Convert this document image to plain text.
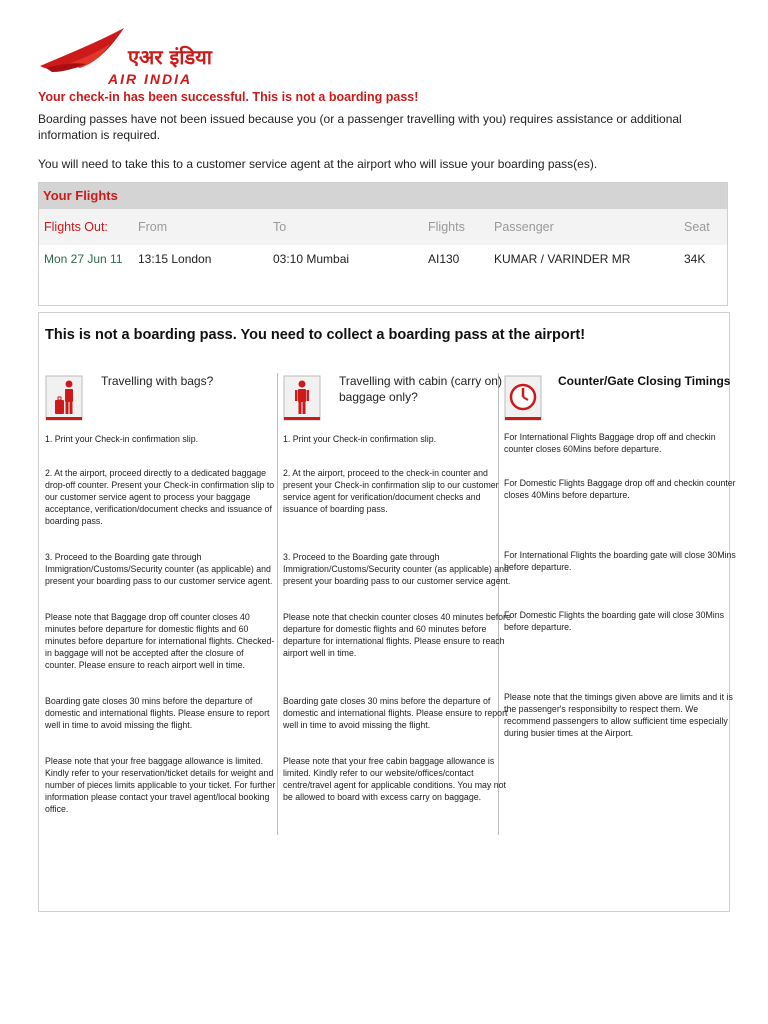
एअर इंडिया
AIR INDIA
Your check-in has been successful. This is not a boarding pass!
Boarding passes have not been issued because you (or a passenger travelling with you) requires assistance or additional information is required.
You will need to take this to a customer service agent at the airport who will issue your boarding pass(es).
Your Flights
Flights Out: From	To	Flights Passenger	Seat
Mon 27 Jun 11 13:15 London	03:10 Mumbai	AI130	KUMAR / VARINDER MR	34K
This is not a boarding pass. You need to collect a boarding pass at the airport!
Travelling with bags?
1. Print your Check-in confirmation slip.
2. At the airport, proceed directly to a dedicated baggage drop-off counter. Present your Check-in confirmation slip to our customer service agent to process your baggage acceptance, verification/document checks and issuance of boarding pass.
3. Proceed to the Boarding gate through Immigration/Customs/Security counter (as applicable) and present your boarding pass to our customer service agent.
Please note that Baggage drop off counter closes 40 minutes before departure for domestic flights and 60 minutes before departure for international flights. Checked-in baggage will not be accepted after the closure of counter. Please ensure to reach airport well in time.
Boarding gate closes 30 mins before the departure of domestic and international flights. Please ensure to report well in time to avoid missing the flight.
Please note that your free baggage allowance is limited. Kindly refer to your reservation/ticket details for weight and number of pieces limits applicable to your ticket. For further information please contact your travel agent/local booking office.
Travelling with cabin (carry on) baggage only?
1. Print your Check-in confirmation slip.
2. At the airport, proceed to the check-in counter and present your Check-in confirmation slip to our customer service agent for verification/document checks and issuance of boarding pass.
3. Proceed to the Boarding gate through Immigration/Customs/Security counter (as applicable) and present your boarding pass to our customer service agent.
Please note that checkin counter closes 40 minutes before departure for domestic flights and 60 minutes before departure for international flights. Please ensure to reach airport well in time.
Boarding gate closes 30 mins before the departure of domestic and international flights. Please ensure to report well in time to avoid missing the flight.
Please note that your free cabin baggage allowance is limited. Kindly refer to our website/offices/contact centre/travel agent for applicable conditions. You may not be allowed to board with excess carry on baggage.
Counter/Gate Closing Timings
For International Flights Baggage drop off and checkin counter closes 60Mins before departure.
For Domestic Flights Baggage drop off and checkin counter closes 40Mins before departure.
For International Flights the boarding gate will close 30Mins before departure.
For Domestic Flights the boarding gate will close 30Mins before departure.
Please note that the timings given above are limits and it is the passenger's responsibilty to respect them. We recommend passengers to allow sufficient time especially during busier times at the Airport.
